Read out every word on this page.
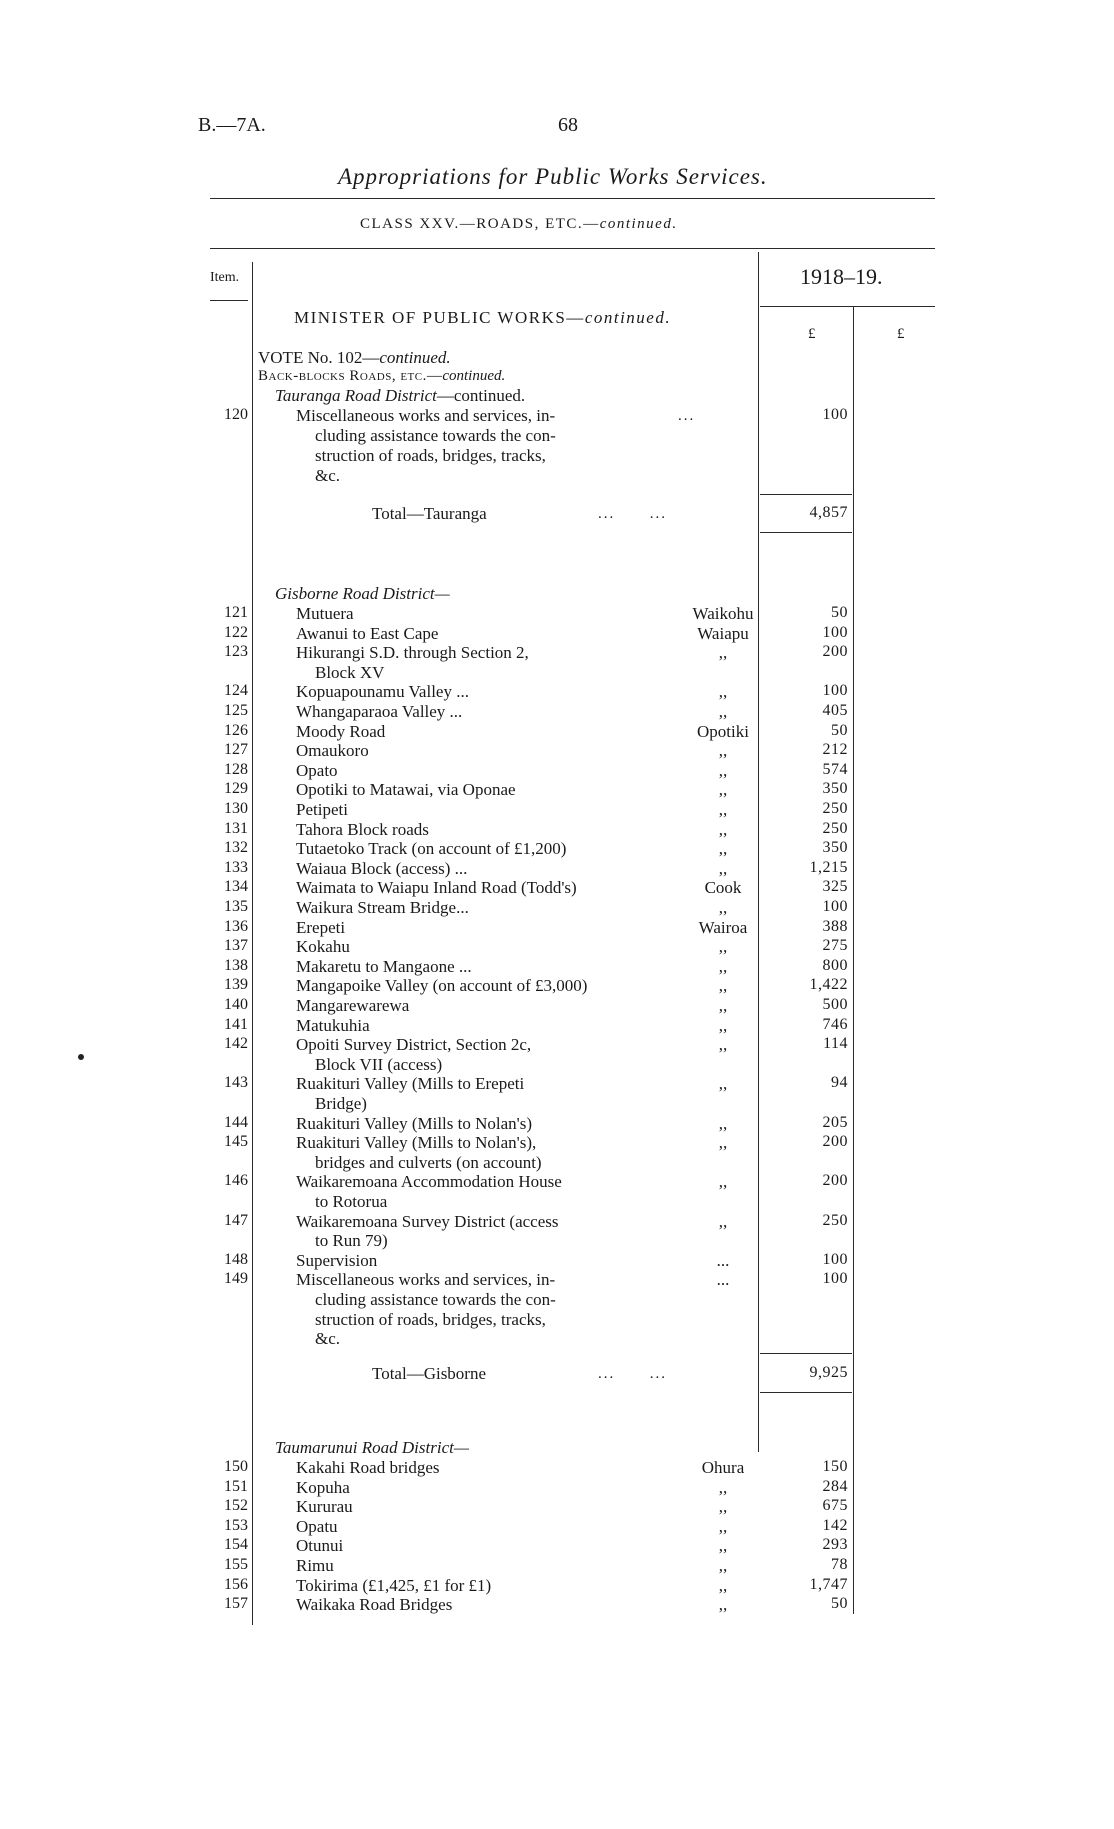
B.—7A.	68
Appropriations for Public Works Services.
CLASS XXV.—ROADS, ETC.—continued.
Item.	1918–19.
£	£
MINISTER OF PUBLIC WORKS—continued.
VOTE No. 102—continued.
Back-blocks Roads, etc.—continued.
Tauranga Road District—continued.
120	Miscellaneous works and services, in-
cluding assistance towards the con-
struction of roads, bridges, tracks,
&c.
...	100
Total—Tauranga	...      ...	4,857
Gisborne Road District—
121	Mutuera	Waikohu	50
122	Awanui to East Cape	Waiapu	100
123	Hikurangi S.D. through Section 2,
Block XV
,,	200
124	Kopuapounamu Valley ...	,,	100
125	Whangaparaoa Valley ...	,,	405
126	Moody Road	Opotiki	50
127	Omaukoro	,,	212
128	Opato	,,	574
129	Opotiki to Matawai, via Oponae	,,	350
130	Petipeti	,,	250
131	Tahora Block roads	,,	250
132	Tutaetoko Track (on account of £1,200)	,,	350
133	Waiaua Block (access) ...	,,	1,215
134	Waimata to Waiapu Inland Road (Todd's)	Cook	325
135	Waikura Stream Bridge...	,,	100
136	Erepeti	Wairoa	388
137	Kokahu	,,	275
138	Makaretu to Mangaone ...	,,	800
139	Mangapoike Valley (on account of £3,000)	,,	1,422
140	Mangarewarewa	,,	500
141	Matukuhia	,,	746
142	Opoiti Survey District, Section 2c,
Block VII (access)
,,	114
143	Ruakituri Valley (Mills to Erepeti
Bridge)
,,	94
144	Ruakituri Valley (Mills to Nolan's)	,,	205
145	Ruakituri Valley (Mills to Nolan's),
bridges and culverts (on account)
,,	200
146	Waikaremoana Accommodation House
to Rotorua
,,	200
147	Waikaremoana Survey District (access
to Run 79)
,,	250
148	Supervision	...	100
149	Miscellaneous works and services, in-
cluding assistance towards the con-
struction of roads, bridges, tracks,
&c.
...	100
Total—Gisborne	...      ...	9,925
Taumarunui Road District—
150	Kakahi Road bridges	Ohura	150
151	Kopuha	,,	284
152	Kururau	,,	675
153	Opatu	,,	142
154	Otunui	,,	293
155	Rimu	,,	78
156	Tokirima (£1,425, £1 for £1)	,,	1,747
157	Waikaka Road Bridges	,,	50
